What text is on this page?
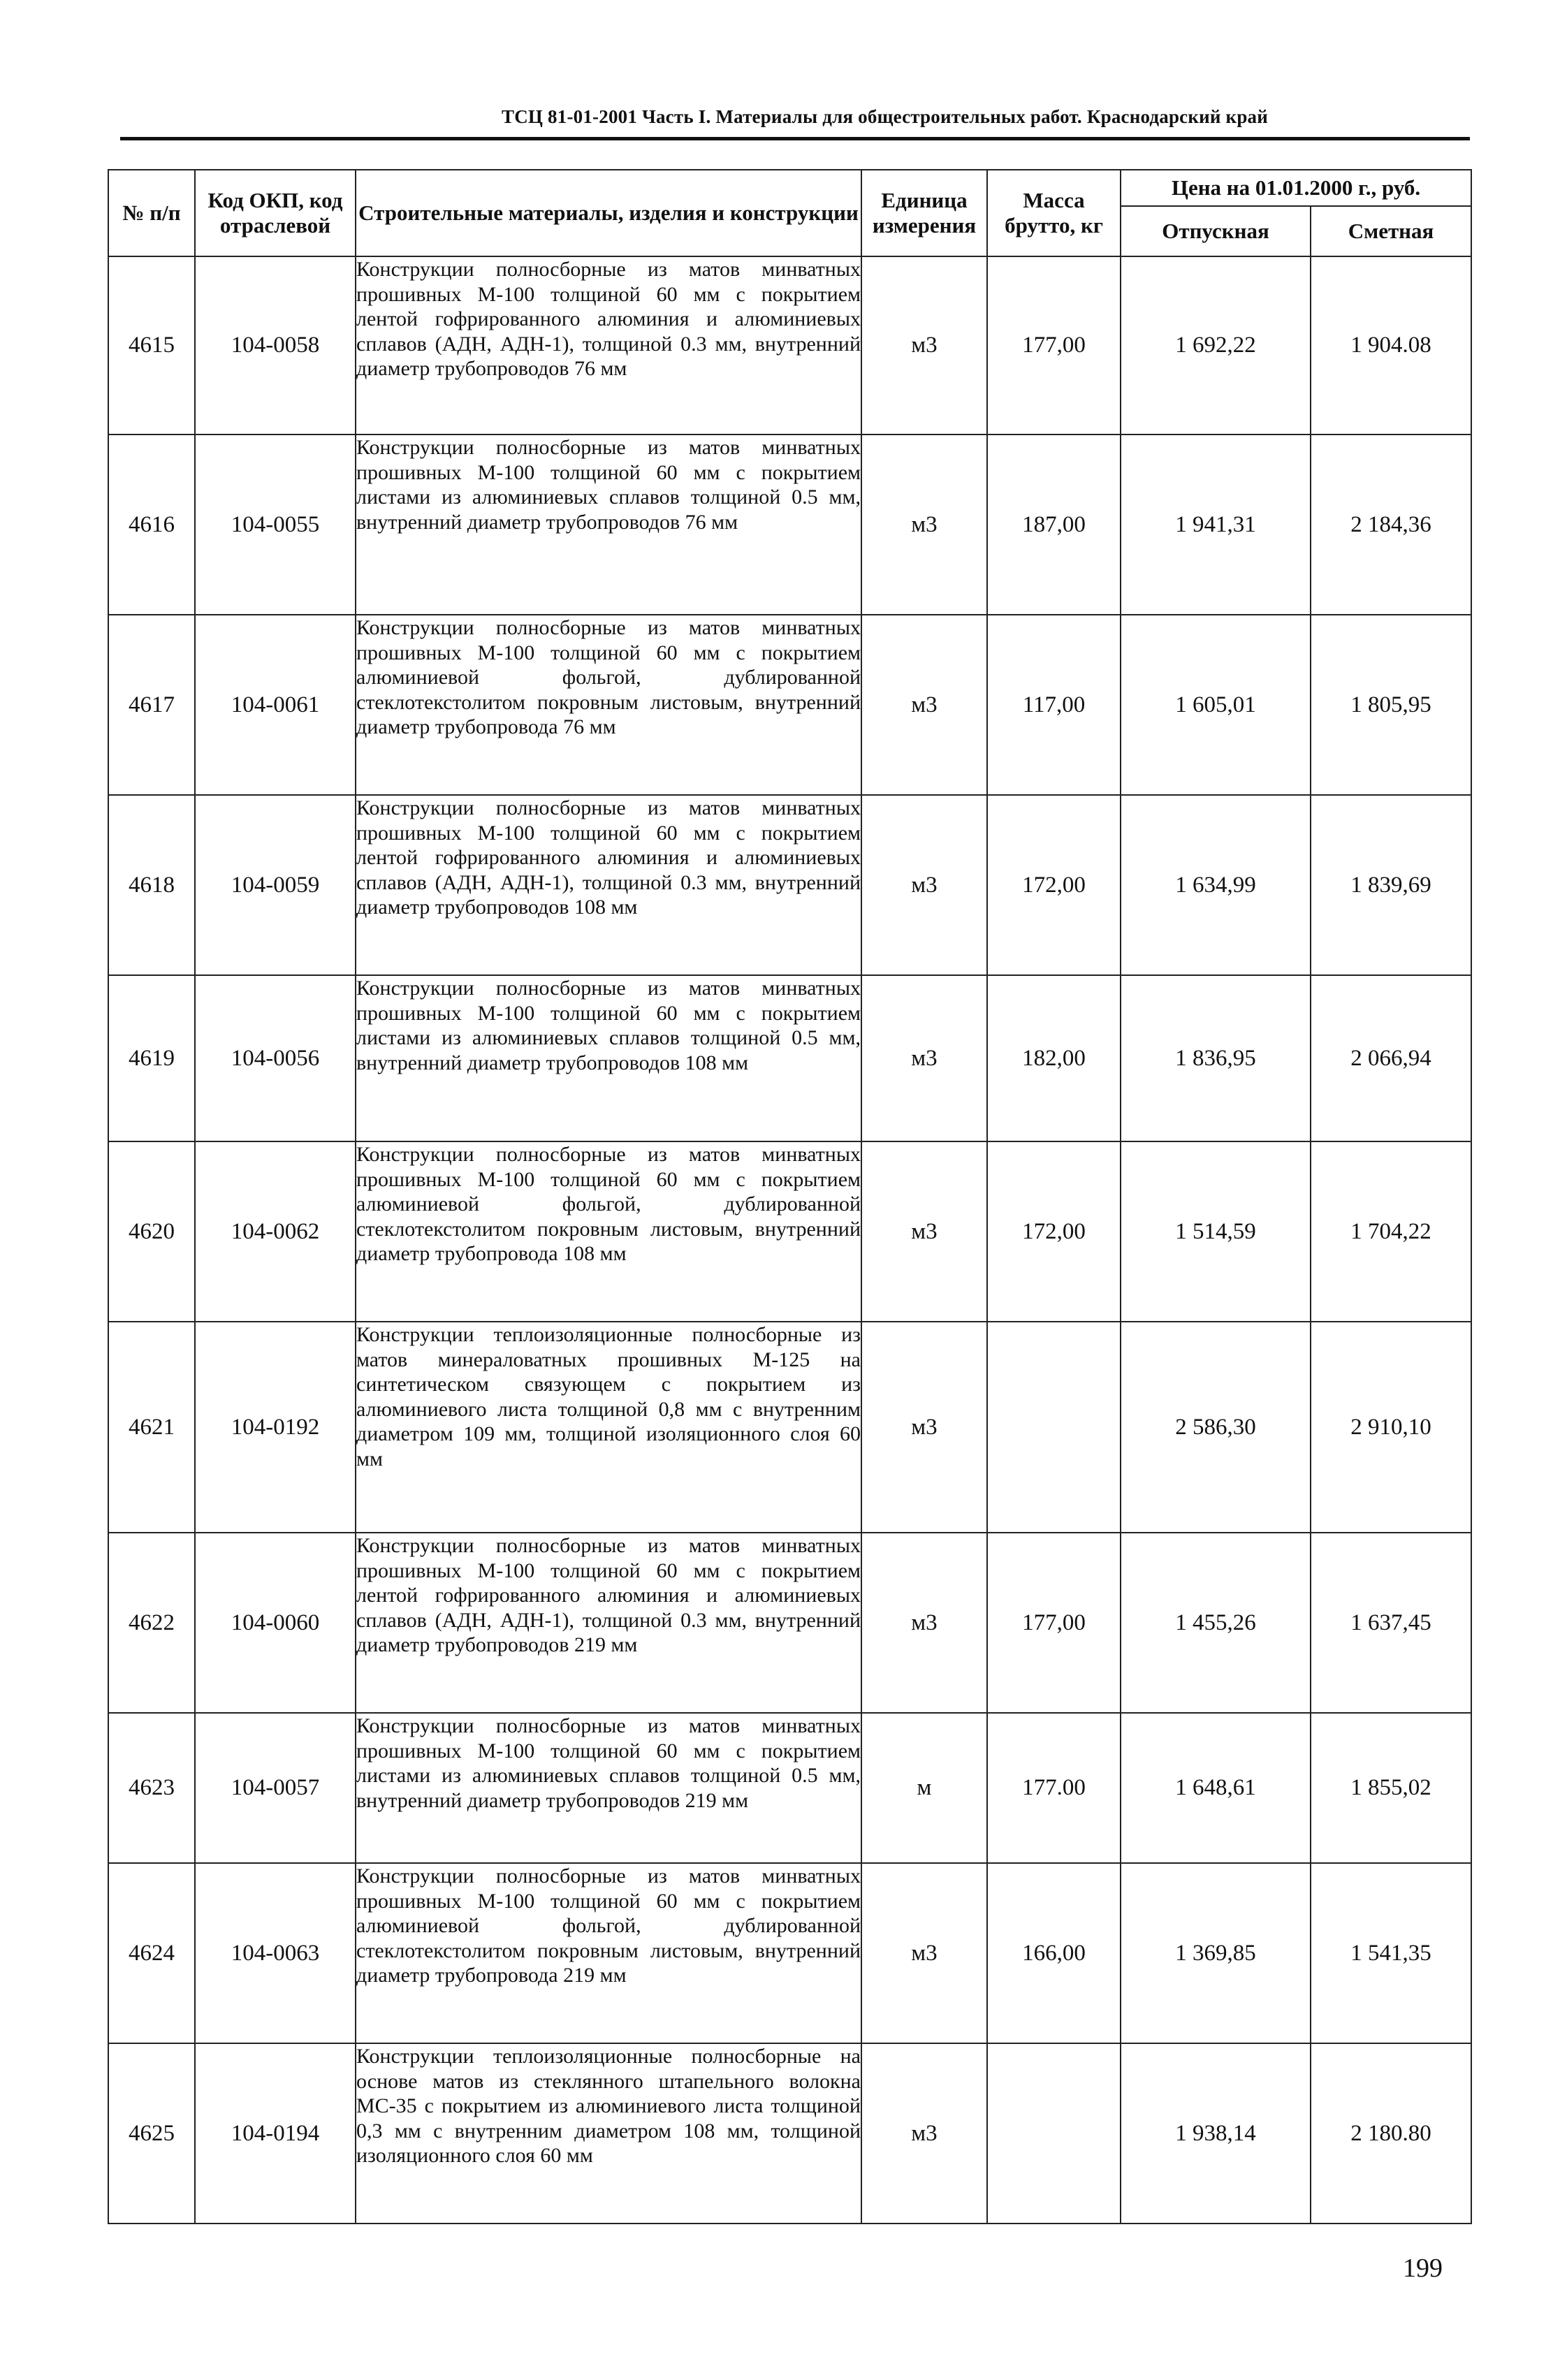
ТСЦ 81-01-2001 Часть I. Материалы для общестроительных работ. Краснодарский край
№ п/п	Код ОКП, код отраслевой	Строительные материалы, изделия и конструкции	Единица измерения	Масса брутто, кг	Цена на 01.01.2000 г., руб.	
					Отпускная	Сметная
4615	104-0058	Конструкции полносборные из матов минватных прошивных М-100 толщиной 60 мм с покрытием лентой гофрированного алюминия и алюминиевых сплавов (АДН, АДН-1), толщиной 0.3 мм, внутренний диаметр трубопроводов 76 мм	м3	177,00	1 692,22	1 904.08
4616	104-0055	Конструкции полносборные из матов минватных прошивных М-100 толщиной 60 мм с покрытием листами из алюминиевых сплавов толщиной 0.5 мм, внутренний диаметр трубопроводов 76 мм	м3	187,00	1 941,31	2 184,36
4617	104-0061	Конструкции полносборные из матов минватных прошивных М-100 толщиной 60 мм с покрытием алюминиевой фольгой, дублированной стеклотекстолитом покровным листовым, внутренний диаметр трубопровода 76 мм	м3	117,00	1 605,01	1 805,95
4618	104-0059	Конструкции полносборные из матов минватных прошивных М-100 толщиной 60 мм с покрытием лентой гофрированного алюминия и алюминиевых сплавов (АДН, АДН-1), толщиной 0.3 мм, внутренний диаметр трубопроводов 108 мм	м3	172,00	1 634,99	1 839,69
4619	104-0056	Конструкции полносборные из матов минватных прошивных М-100 толщиной 60 мм с покрытием листами из алюминиевых сплавов толщиной 0.5 мм, внутренний диаметр трубопроводов 108 мм	м3	182,00	1 836,95	2 066,94
4620	104-0062	Конструкции полносборные из матов минватных прошивных М-100 толщиной 60 мм с покрытием алюминиевой фольгой, дублированной стеклотекстолитом покровным листовым, внутренний диаметр трубопровода 108 мм	м3	172,00	1 514,59	1 704,22
4621	104-0192	Конструкции теплоизоляционные полносборные из матов минераловатных прошивных М-125 на синтетическом связующем с покрытием из алюминиевого листа толщиной 0,8 мм с внутренним диаметром 109 мм, толщиной изоляционного слоя 60 мм	м3		2 586,30	2 910,10
4622	104-0060	Конструкции полносборные из матов минватных прошивных М-100 толщиной 60 мм с покрытием лентой гофрированного алюминия и алюминиевых сплавов (АДН, АДН-1), толщиной 0.3 мм, внутренний диаметр трубопроводов 219 мм	м3	177,00	1 455,26	1 637,45
4623	104-0057	Конструкции полносборные из матов минватных прошивных М-100 толщиной 60 мм с покрытием листами из алюминиевых сплавов толщиной 0.5 мм, внутренний диаметр трубопроводов 219 мм	м	177.00	1 648,61	1 855,02
4624	104-0063	Конструкции полносборные из матов минватных прошивных М-100 толщиной 60 мм с покрытием алюминиевой фольгой, дублированной стеклотекстолитом покровным листовым, внутренний диаметр трубопровода 219 мм	м3	166,00	1 369,85	1 541,35
4625	104-0194	Конструкции теплоизоляционные полносборные на основе матов из стеклянного штапельного волокна МС-35 с покрытием из алюминиевого листа толщиной 0,3 мм с внутренним диаметром 108 мм, толщиной изоляционного слоя 60 мм	м3		1 938,14	2 180.80
199
